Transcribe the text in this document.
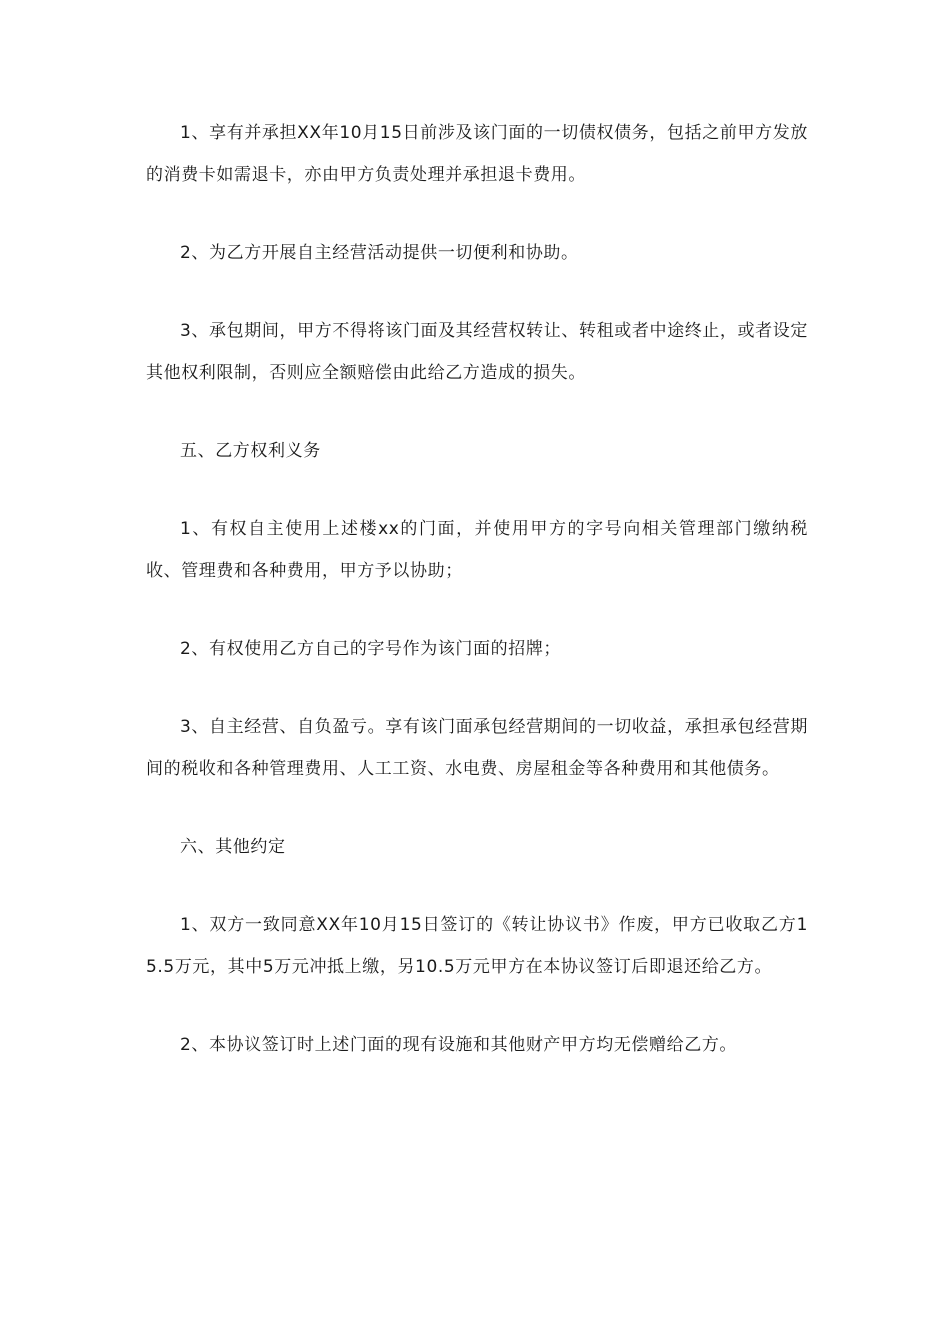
1、享有并承担XX年10月15日前涉及该门面的一切债权债务，包括之前甲方发放的消费卡如需退卡，亦由甲方负责处理并承担退卡费用。

2、为乙方开展自主经营活动提供一切便利和协助。

3、承包期间，甲方不得将该门面及其经营权转让、转租或者中途终止，或者设定其他权利限制，否则应全额赔偿由此给乙方造成的损失。

五、乙方权利义务

1、有权自主使用上述楼xx的门面，并使用甲方的字号向相关管理部门缴纳税收、管理费和各种费用，甲方予以协助；

2、有权使用乙方自己的字号作为该门面的招牌；

3、自主经营、自负盈亏。享有该门面承包经营期间的一切收益，承担承包经营期间的税收和各种管理费用、人工工资、水电费、房屋租金等各种费用和其他债务。

六、其他约定

1、双方一致同意XX年10月15日签订的《转让协议书》作废，甲方已收取乙方15.5万元，其中5万元冲抵上缴，另10.5万元甲方在本协议签订后即退还给乙方。

2、本协议签订时上述门面的现有设施和其他财产甲方均无偿赠给乙方。
